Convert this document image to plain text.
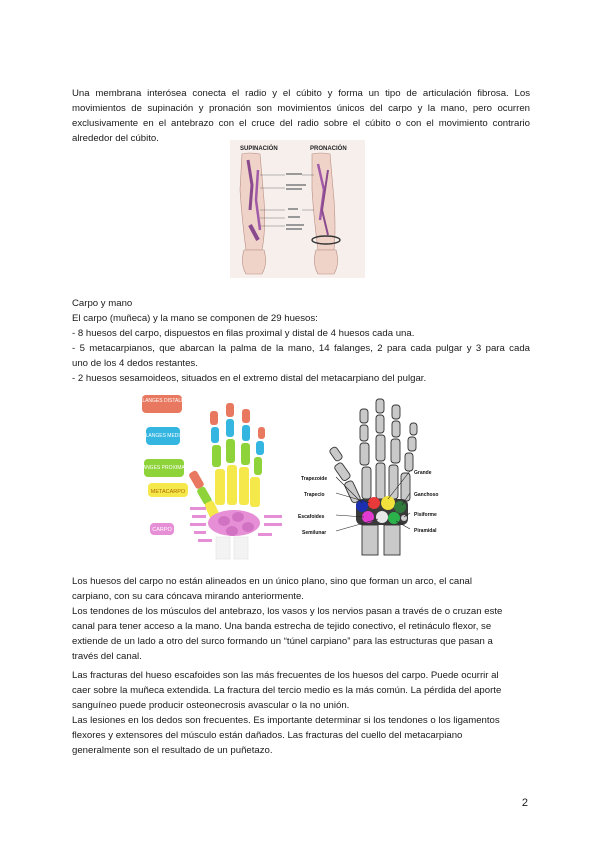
Una membrana interósea conecta el radio y el cúbito y forma un tipo de articulación fibrosa. Los
movimientos de supinación y pronación son movimientos únicos del carpo y la mano, pero ocurren
exclusivamente en el antebrazo con el cruce del radio sobre el cúbito o con el movimiento contrario
alrededor del cúbito.
SUPINACIÓN	PRONACIÓN
Carpo y mano
El carpo (muñeca) y la mano se componen de 29 huesos:
- 8 huesos del carpo, dispuestos en filas proximal y distal de 4 huesos cada una.
- 5 metacarpianos, que abarcan la palma de la mano, 14 falanges, 2 para cada pulgar y 3 para cada
uno de los 4 dedos restantes.
- 2 huesos sesamoideos, situados en el extremo distal del metacarpiano del pulgar.
FALANGES DISTALES
FALANGES MEDIAS
FALANGES PROXIMALES
METACARPO
CARPO
Trapezoide
Trapecio
Escafoides
Semilunar
Grande
Ganchoso
Pisiforme
Piramidal
Los huesos del carpo no están alineados en un único plano, sino que forman un arco, el canal
carpiano, con su cara cóncava mirando anteriormente.
Los tendones de los músculos del antebrazo, los vasos y los nervios pasan a través de o cruzan este
canal para tener acceso a la mano. Una banda estrecha de tejido conectivo, el retináculo flexor, se
extiende de un lado a otro del surco formando un “túnel carpiano” para las estructuras que pasan a
través del canal.
Las fracturas del hueso escafoides son las más frecuentes de los huesos del carpo. Puede ocurrir al
caer sobre la muñeca extendida. La fractura del tercio medio es la más común. La pérdida del aporte
sanguíneo puede producir osteonecrosis avascular o la no unión.
Las lesiones en los dedos son frecuentes. Es importante determinar si los tendones o los ligamentos
flexores y extensores del músculo están dañados. Las fracturas del cuello del metacarpiano
generalmente son el resultado de un puñetazo.
2
